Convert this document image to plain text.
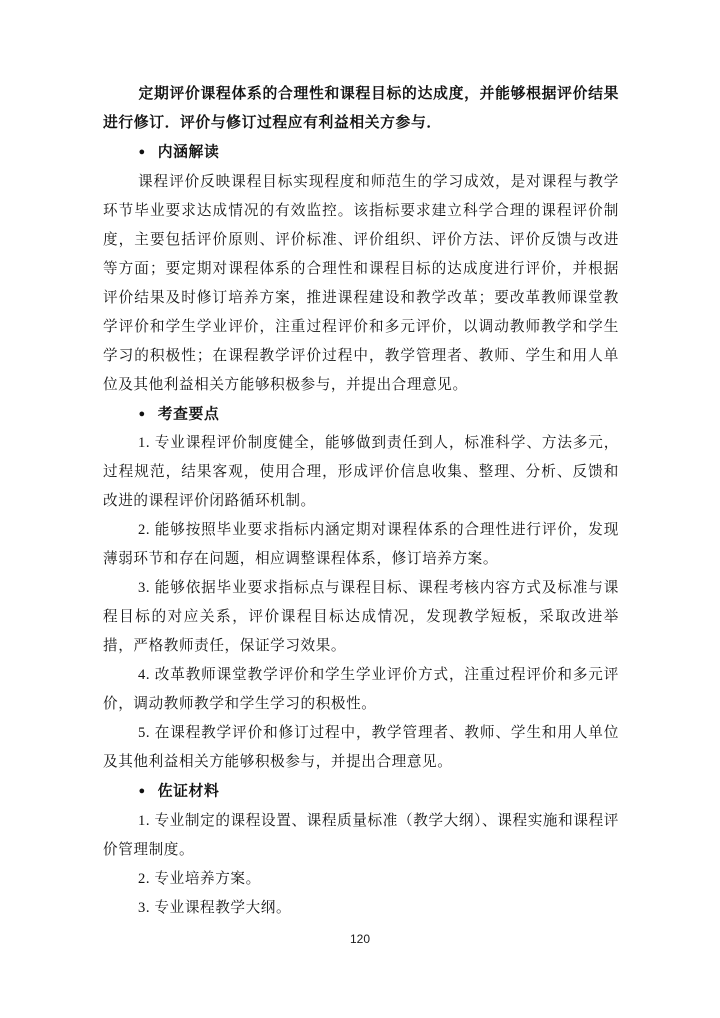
定期评价课程体系的合理性和课程目标的达成度，并能够根据评价结果进行修订．评价与修订过程应有利益相关方参与．

● 内涵解读

课程评价反映课程目标实现程度和师范生的学习成效，是对课程与教学环节毕业要求达成情况的有效监控。该指标要求建立科学合理的课程评价制度，主要包括评价原则、评价标准、评价组织、评价方法、评价反馈与改进等方面；要定期对课程体系的合理性和课程目标的达成度进行评价，并根据评价结果及时修订培养方案，推进课程建设和教学改革；要改革教师课堂教学评价和学生学业评价，注重过程评价和多元评价，以调动教师教学和学生学习的积极性；在课程教学评价过程中，教学管理者、教师、学生和用人单位及其他利益相关方能够积极参与，并提出合理意见。

● 考查要点

1. 专业课程评价制度健全，能够做到责任到人，标准科学、方法多元，过程规范，结果客观，使用合理，形成评价信息收集、整理、分析、反馈和改进的课程评价闭路循环机制。

2. 能够按照毕业要求指标内涵定期对课程体系的合理性进行评价，发现薄弱环节和存在问题，相应调整课程体系，修订培养方案。

3. 能够依据毕业要求指标点与课程目标、课程考核内容方式及标准与课程目标的对应关系，评价课程目标达成情况，发现教学短板，采取改进举措，严格教师责任，保证学习效果。

4. 改革教师课堂教学评价和学生学业评价方式，注重过程评价和多元评价，调动教师教学和学生学习的积极性。

5. 在课程教学评价和修订过程中，教学管理者、教师、学生和用人单位及其他利益相关方能够积极参与，并提出合理意见。

● 佐证材料

1. 专业制定的课程设置、课程质量标准（教学大纲）、课程实施和课程评价管理制度。

2. 专业培养方案。

3. 专业课程教学大纲。

120
